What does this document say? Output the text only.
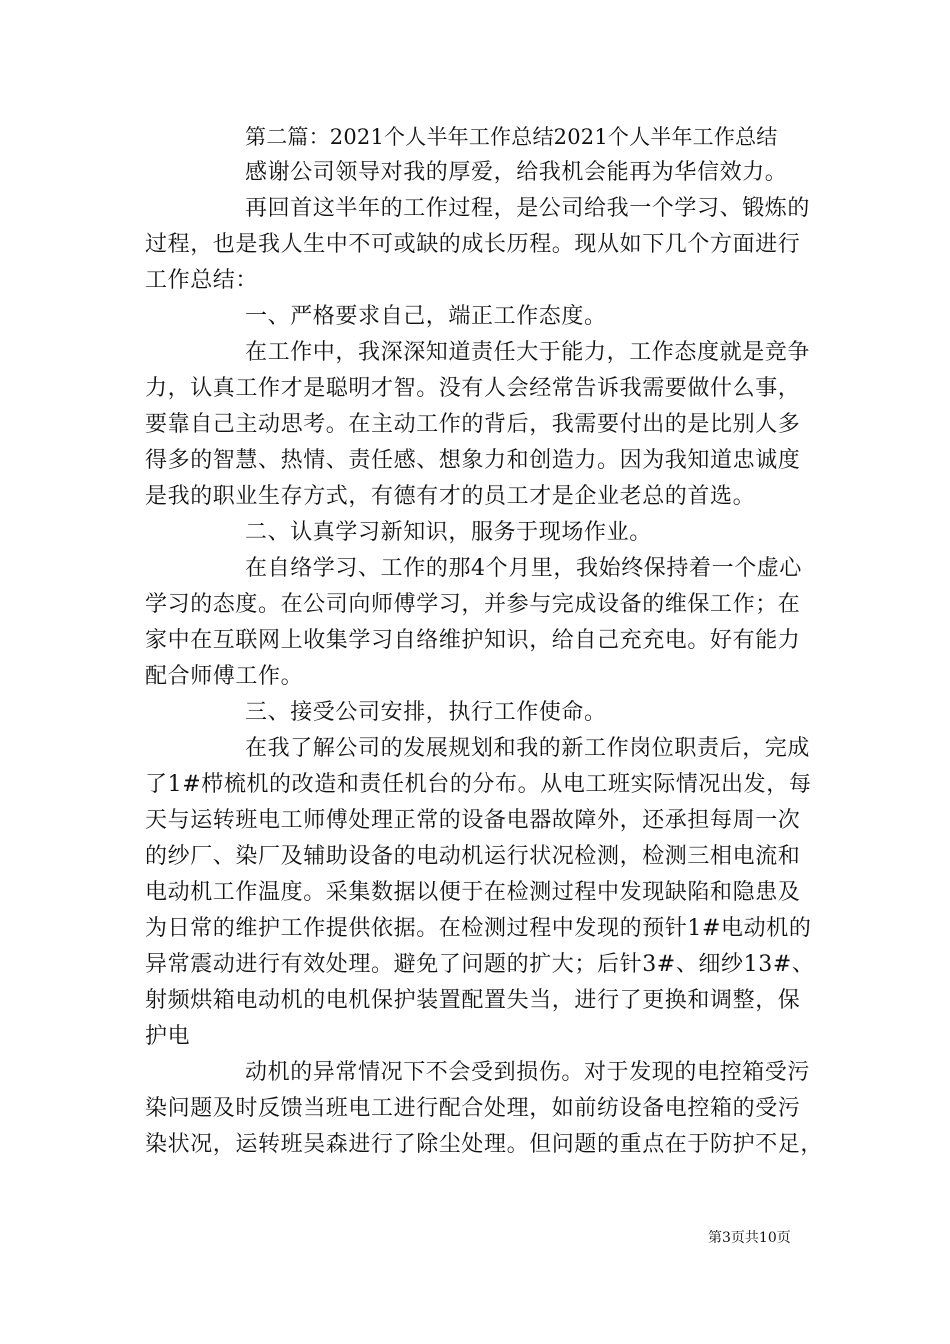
第二篇：2021个人半年工作总结2021个人半年工作总结
感谢公司领导对我的厚爱，给我机会能再为华信效力。
再回首这半年的工作过程，是公司给我一个学习、锻炼的
过程，也是我人生中不可或缺的成长历程。现从如下几个方面进行
工作总结：
一、严格要求自己，端正工作态度。
在工作中，我深深知道责任大于能力，工作态度就是竞争
力，认真工作才是聪明才智。没有人会经常告诉我需要做什么事，
要靠自己主动思考。在主动工作的背后，我需要付出的是比别人多
得多的智慧、热情、责任感、想象力和创造力。因为我知道忠诚度
是我的职业生存方式，有德有才的员工才是企业老总的首选。
二、认真学习新知识，服务于现场作业。
在自络学习、工作的那4个月里，我始终保持着一个虚心
学习的态度。在公司向师傅学习，并参与完成设备的维保工作；在
家中在互联网上收集学习自络维护知识，给自己充充电。好有能力
配合师傅工作。
三、接受公司安排，执行工作使命。
在我了解公司的发展规划和我的新工作岗位职责后，完成
了1#栉梳机的改造和责任机台的分布。从电工班实际情况出发，每
天与运转班电工师傅处理正常的设备电器故障外，还承担每周一次
的纱厂、染厂及辅助设备的电动机运行状况检测，检测三相电流和
电动机工作温度。采集数据以便于在检测过程中发现缺陷和隐患及
为日常的维护工作提供依据。在检测过程中发现的预针1#电动机的
异常震动进行有效处理。避免了问题的扩大；后针3#、细纱13#、
射频烘箱电动机的电机保护装置配置失当，进行了更换和调整，保
护电
动机的异常情况下不会受到损伤。对于发现的电控箱受污
染问题及时反馈当班电工进行配合处理，如前纺设备电控箱的受污
染状况，运转班吴森进行了除尘处理。但问题的重点在于防护不足，
第3页共10页
